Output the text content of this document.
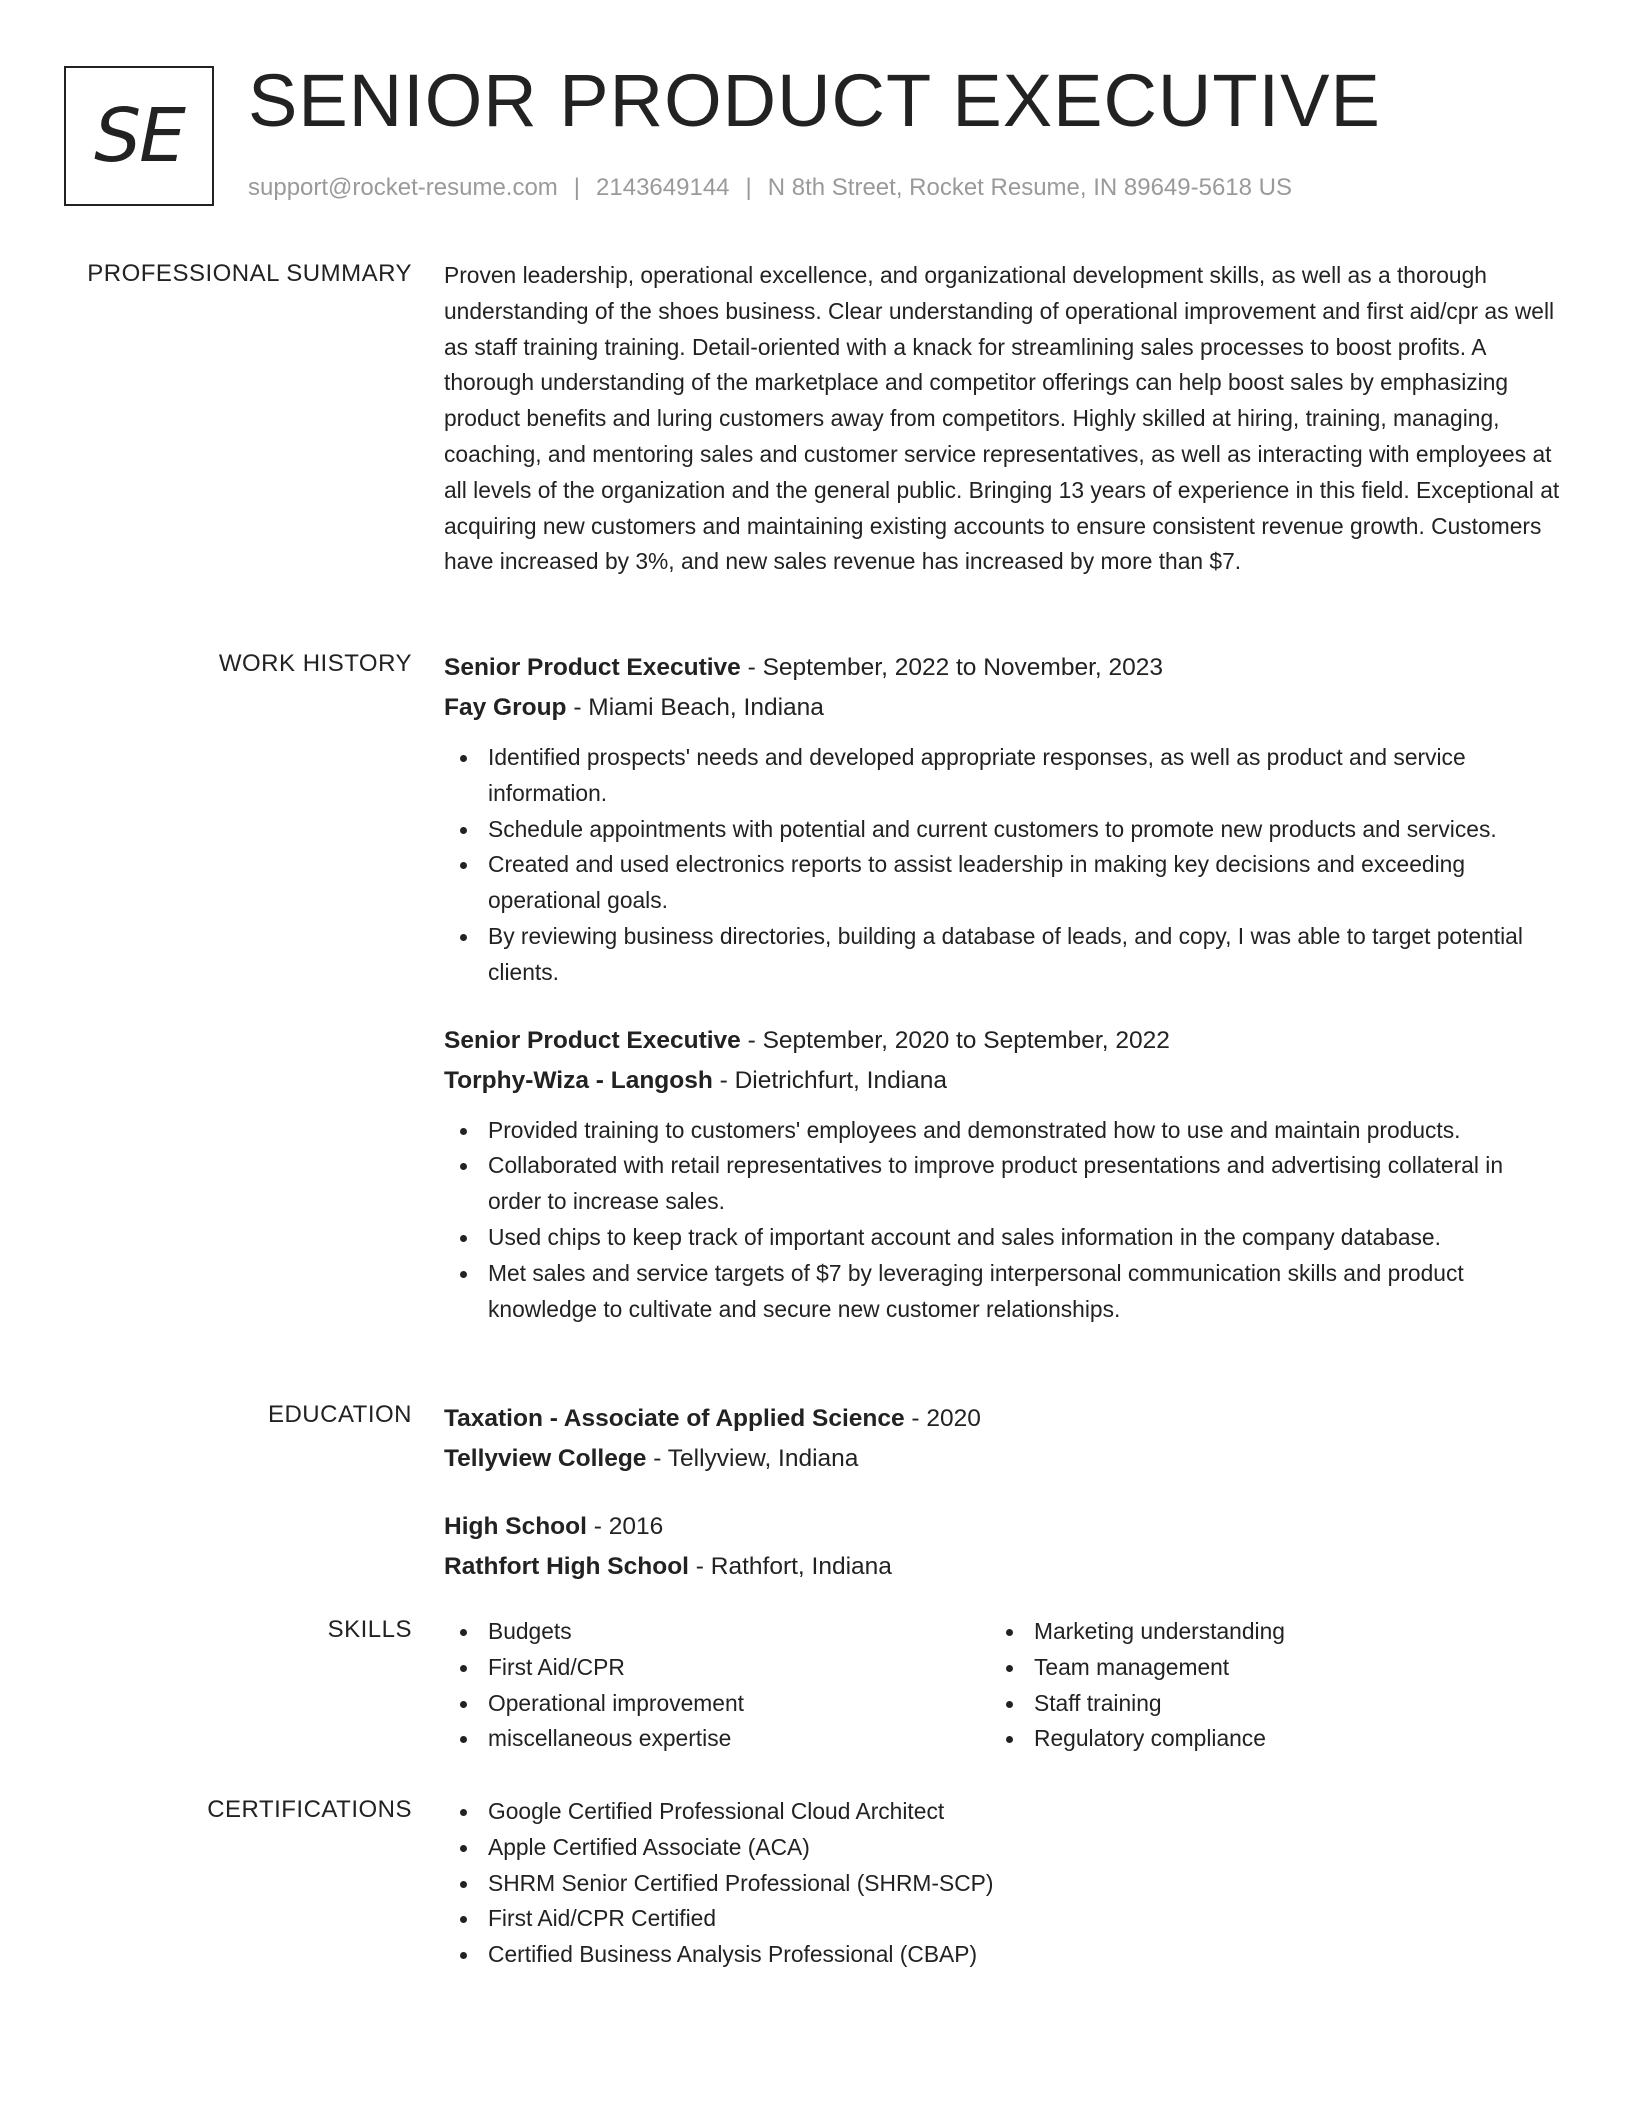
SE SENIOR PRODUCT EXECUTIVE
support@rocket-resume.com | 2143649144 | N 8th Street, Rocket Resume, IN 89649-5618 US
PROFESSIONAL SUMMARY Proven leadership, operational excellence, and organizational development skills, as well as a thorough understanding of the shoes business. Clear understanding of operational improvement and first aid/cpr as well as staff training training. Detail-oriented with a knack for streamlining sales processes to boost profits. A thorough understanding of the marketplace and competitor offerings can help boost sales by emphasizing product benefits and luring customers away from competitors. Highly skilled at hiring, training, managing, coaching, and mentoring sales and customer service representatives, as well as interacting with employees at all levels of the organization and the general public. Bringing 13 years of experience in this field. Exceptional at acquiring new customers and maintaining existing accounts to ensure consistent revenue growth. Customers have increased by 3%, and new sales revenue has increased by more than $7.

WORK HISTORY Senior Product Executive - September, 2022 to November, 2023

Fay Group - Miami Beach, Indiana

Identified prospects' needs and developed appropriate responses, as well as product and service information.
Schedule appointments with potential and current customers to promote new products and services.
Created and used electronics reports to assist leadership in making key decisions and exceeding operational goals.
By reviewing business directories, building a database of leads, and copy, I was able to target potential clients.

Senior Product Executive - September, 2020 to September, 2022

Torphy-Wiza - Langosh - Dietrichfurt, Indiana

Provided training to customers' employees and demonstrated how to use and maintain products.
Collaborated with retail representatives to improve product presentations and advertising collateral in order to increase sales.
Used chips to keep track of important account and sales information in the company database.
Met sales and service targets of $7 by leveraging interpersonal communication skills and product knowledge to cultivate and secure new customer relationships.
EDUCATION Taxation - Associate of Applied Science - 2020

Tellyview College - Tellyview, Indiana

High School - 2016

Rathfort High School - Rathfort, Indiana

SKILLS	Budgets
First Aid/CPR
Operational improvement
miscellaneous expertise
Marketing understanding
Team management
Staff training
Regulatory compliance
CERTIFICATIONS	Google Certified Professional Cloud Architect
Apple Certified Associate (ACA)
SHRM Senior Certified Professional (SHRM-SCP)
First Aid/CPR Certified
Certified Business Analysis Professional (CBAP)
